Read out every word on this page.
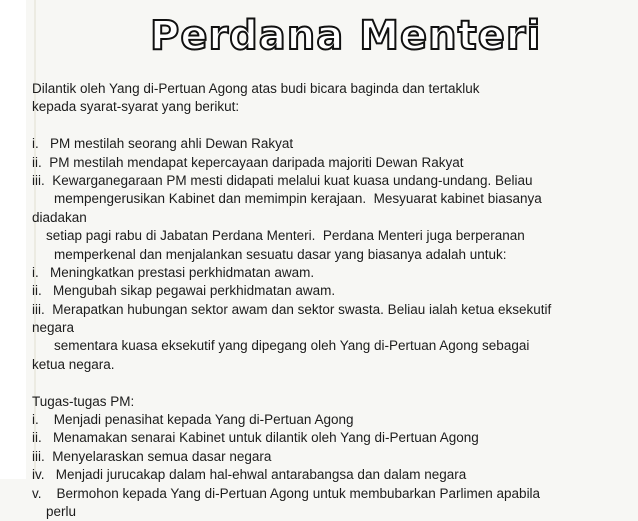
Perdana Menteri
Dilantik oleh Yang di-Pertuan Agong atas budi bicara baginda dan tertakluk
kepada syarat-syarat yang berikut:
i.   PM mestilah seorang ahli Dewan Rakyat
ii.  PM mestilah mendapat kepercayaan daripada majoriti Dewan Rakyat
iii.  Kewarganegaraan PM mesti didapati melalui kuat kuasa undang-undang. Beliau
mempengerusikan Kabinet dan memimpin kerajaan.  Mesyuarat kabinet biasanya
diadakan
setiap pagi rabu di Jabatan Perdana Menteri.  Perdana Menteri juga berperanan
memperkenal dan menjalankan sesuatu dasar yang biasanya adalah untuk:
i.   Meningkatkan prestasi perkhidmatan awam.
ii.   Mengubah sikap pegawai perkhidmatan awam.
iii.  Merapatkan hubungan sektor awam dan sektor swasta. Beliau ialah ketua eksekutif
negara
sementara kuasa eksekutif yang dipegang oleh Yang di-Pertuan Agong sebagai
ketua negara.
Tugas-tugas PM:
i.    Menjadi penasihat kepada Yang di-Pertuan Agong
ii.   Menamakan senarai Kabinet untuk dilantik oleh Yang di-Pertuan Agong
iii.  Menyelaraskan semua dasar negara
iv.   Menjadi jurucakap dalam hal-ehwal antarabangsa dan dalam negara
v.    Bermohon kepada Yang di-Pertuan Agong untuk membubarkan Parlimen apabila
perlu
